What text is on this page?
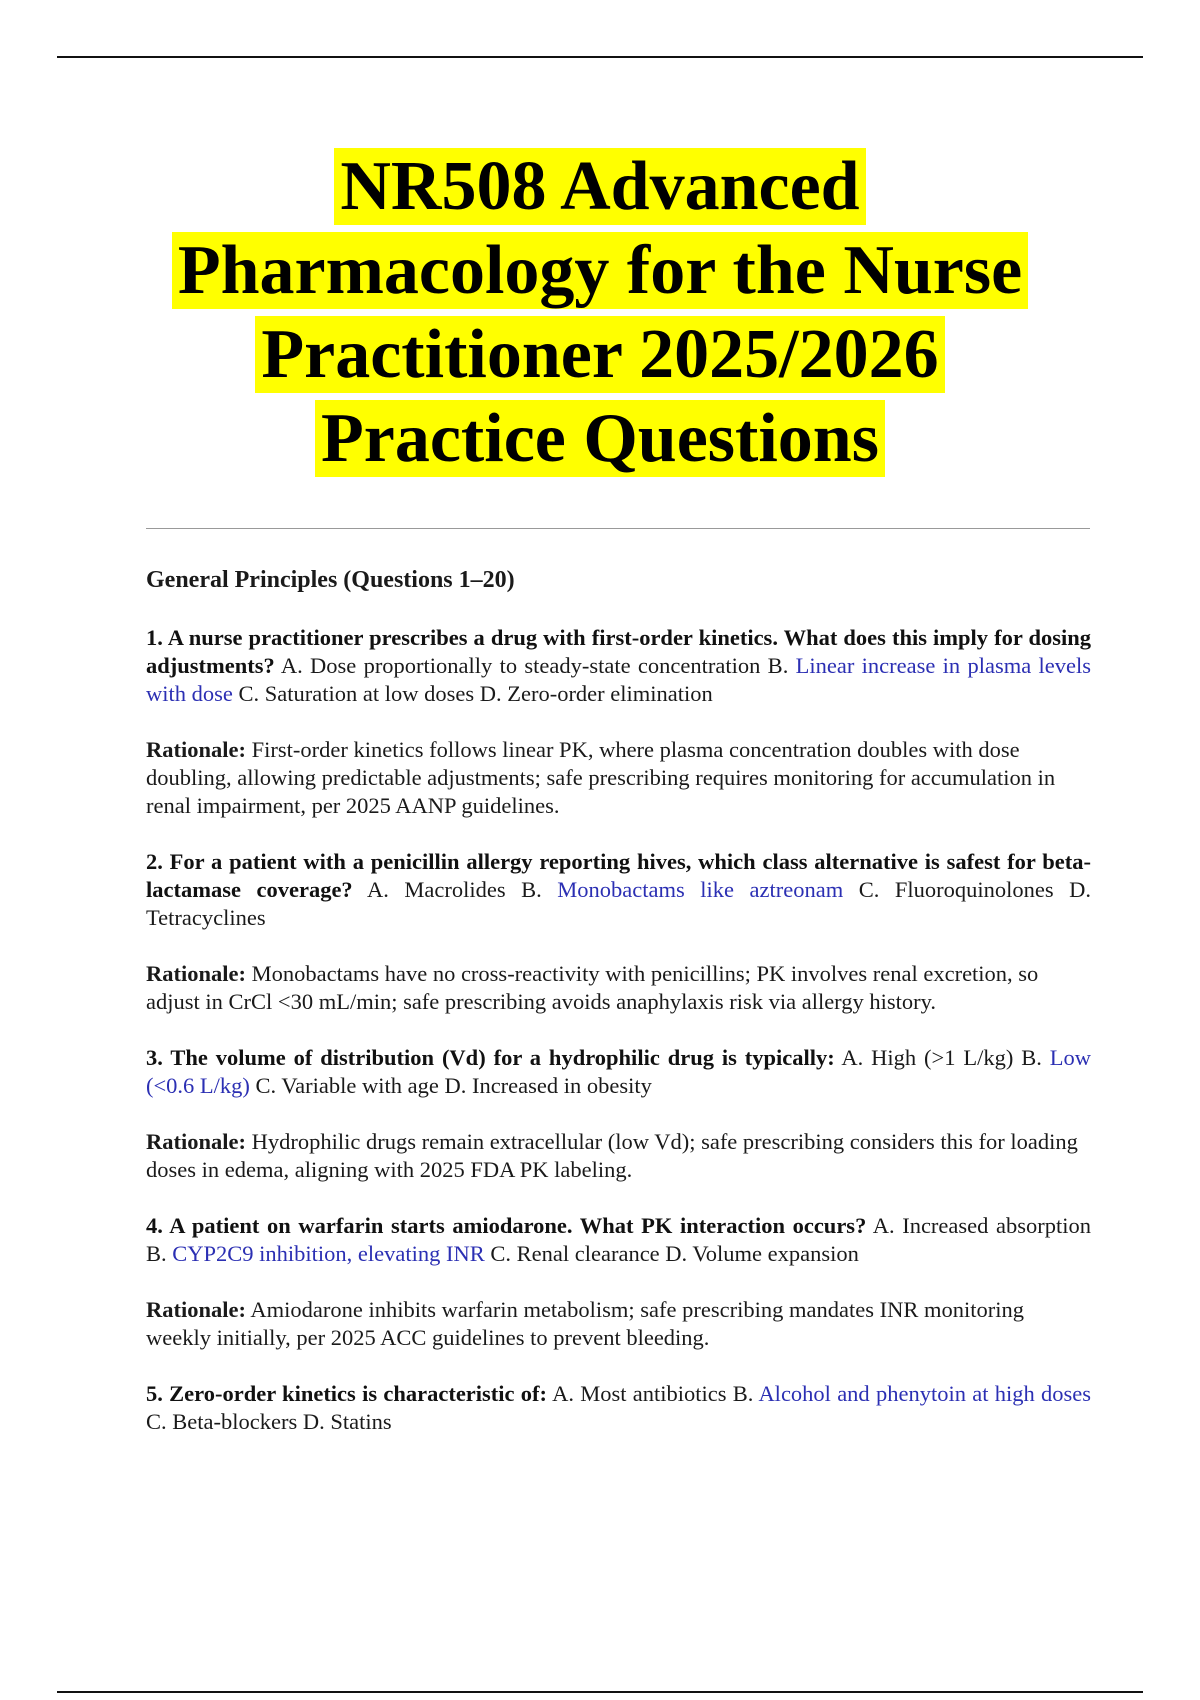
NR508 Advanced
Pharmacology for the Nurse
Practitioner 2025/2026
Practice Questions
General Principles (Questions 1–20)

1. A nurse practitioner prescribes a drug with first-order kinetics. What does this imply for dosing adjustments? A. Dose proportionally to steady-state concentration B. Linear increase in plasma levels with dose C. Saturation at low doses D. Zero-order elimination

Rationale: First-order kinetics follows linear PK, where plasma concentration doubles with dose doubling, allowing predictable adjustments; safe prescribing requires monitoring for accumulation in renal impairment, per 2025 AANP guidelines.

2. For a patient with a penicillin allergy reporting hives, which class alternative is safest for beta-lactamase coverage? A. Macrolides B. Monobactams like aztreonam C. Fluoroquinolones D. Tetracyclines

Rationale: Monobactams have no cross-reactivity with penicillins; PK involves renal excretion, so adjust in CrCl <30 mL/min; safe prescribing avoids anaphylaxis risk via allergy history.

3. The volume of distribution (Vd) for a hydrophilic drug is typically: A. High (>1 L/kg) B. Low (<0.6 L/kg) C. Variable with age D. Increased in obesity

Rationale: Hydrophilic drugs remain extracellular (low Vd); safe prescribing considers this for loading doses in edema, aligning with 2025 FDA PK labeling.

4. A patient on warfarin starts amiodarone. What PK interaction occurs? A. Increased absorption B. CYP2C9 inhibition, elevating INR C. Renal clearance D. Volume expansion

Rationale: Amiodarone inhibits warfarin metabolism; safe prescribing mandates INR monitoring weekly initially, per 2025 ACC guidelines to prevent bleeding.

5. Zero-order kinetics is characteristic of: A. Most antibiotics B. Alcohol and phenytoin at high doses C. Beta-blockers D. Statins
